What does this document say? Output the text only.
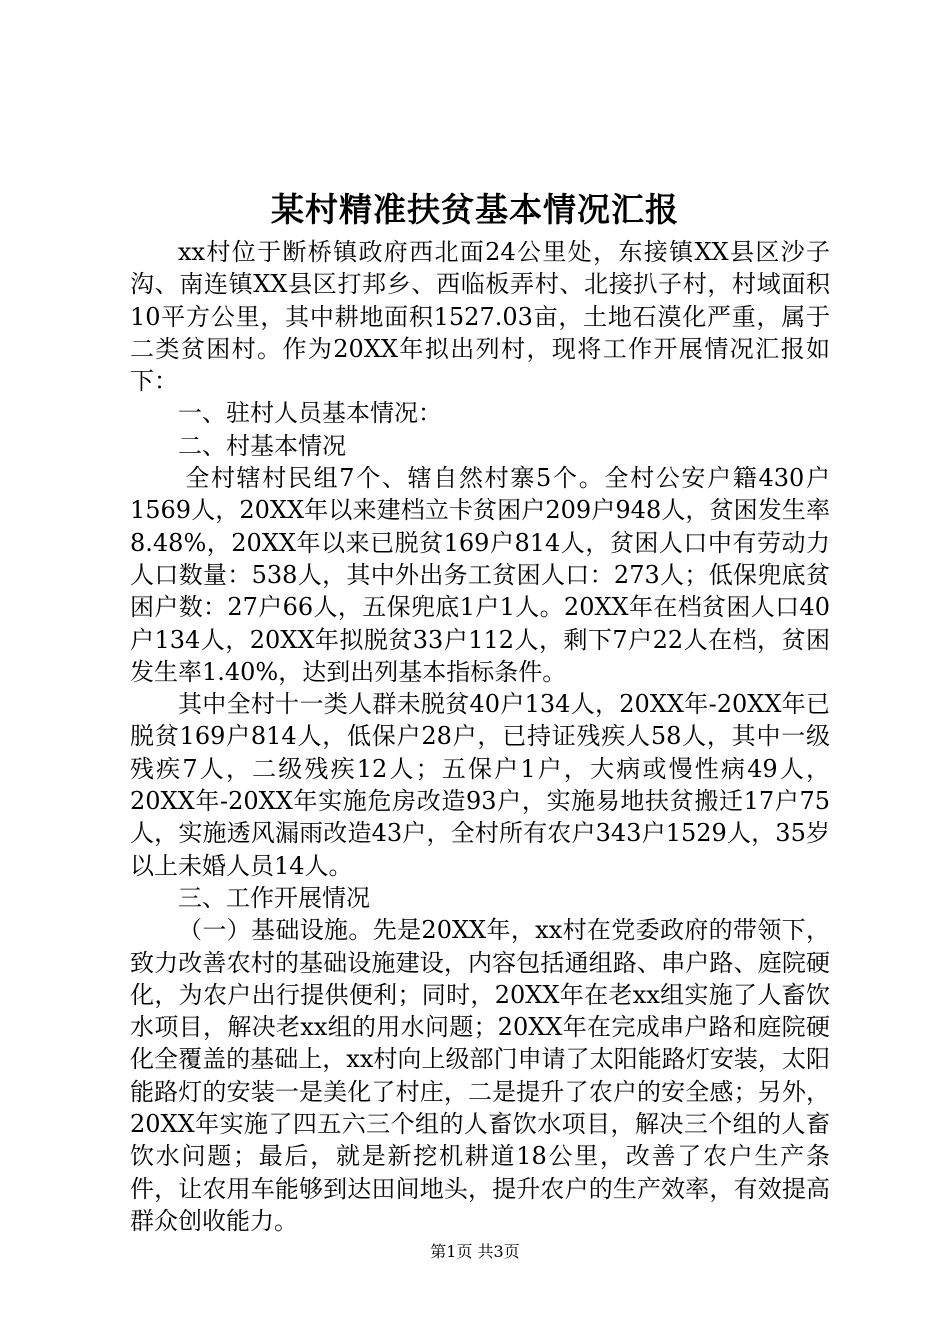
某村精准扶贫基本情况汇报

xx村位于断桥镇政府西北面24公里处，东接镇XX县区沙子沟、南连镇XX县区打邦乡、西临板弄村、北接扒子村，村域面积10平方公里，其中耕地面积1527.03亩，土地石漠化严重，属于二类贫困村。作为20XX年拟出列村，现将工作开展情况汇报如下：

一、驻村人员基本情况：

二、村基本情况

全村辖村民组7个、辖自然村寨5个。全村公安户籍430户1569人，20XX年以来建档立卡贫困户209户948人，贫困发生率8.48%，20XX年以来已脱贫169户814人，贫困人口中有劳动力人口数量：538人，其中外出务工贫困人口：273人；低保兜底贫困户数：27户66人，五保兜底1户1人。20XX年在档贫困人口40户134人，20XX年拟脱贫33户112人，剩下7户22人在档，贫困发生率1.40%，达到出列基本指标条件。

其中全村十一类人群未脱贫40户134人，20XX年-20XX年已脱贫169户814人，低保户28户，已持证残疾人58人，其中一级残疾7人，二级残疾12人；五保户1户，大病或慢性病49人，20XX年-20XX年实施危房改造93户，实施易地扶贫搬迁17户75人，实施透风漏雨改造43户，全村所有农户343户1529人，35岁以上未婚人员14人。

三、工作开展情况

（一）基础设施。先是20XX年，xx村在党委政府的带领下，致力改善农村的基础设施建设，内容包括通组路、串户路、庭院硬化，为农户出行提供便利；同时，20XX年在老xx组实施了人畜饮水项目，解决老xx组的用水问题；20XX年在完成串户路和庭院硬化全覆盖的基础上，xx村向上级部门申请了太阳能路灯安装，太阳能路灯的安装一是美化了村庄，二是提升了农户的安全感；另外，20XX年实施了四五六三个组的人畜饮水项目，解决三个组的人畜饮水问题；最后，就是新挖机耕道18公里，改善了农户生产条件，让农用车能够到达田间地头，提升农户的生产效率，有效提高群众创收能力。

第1页 共3页
